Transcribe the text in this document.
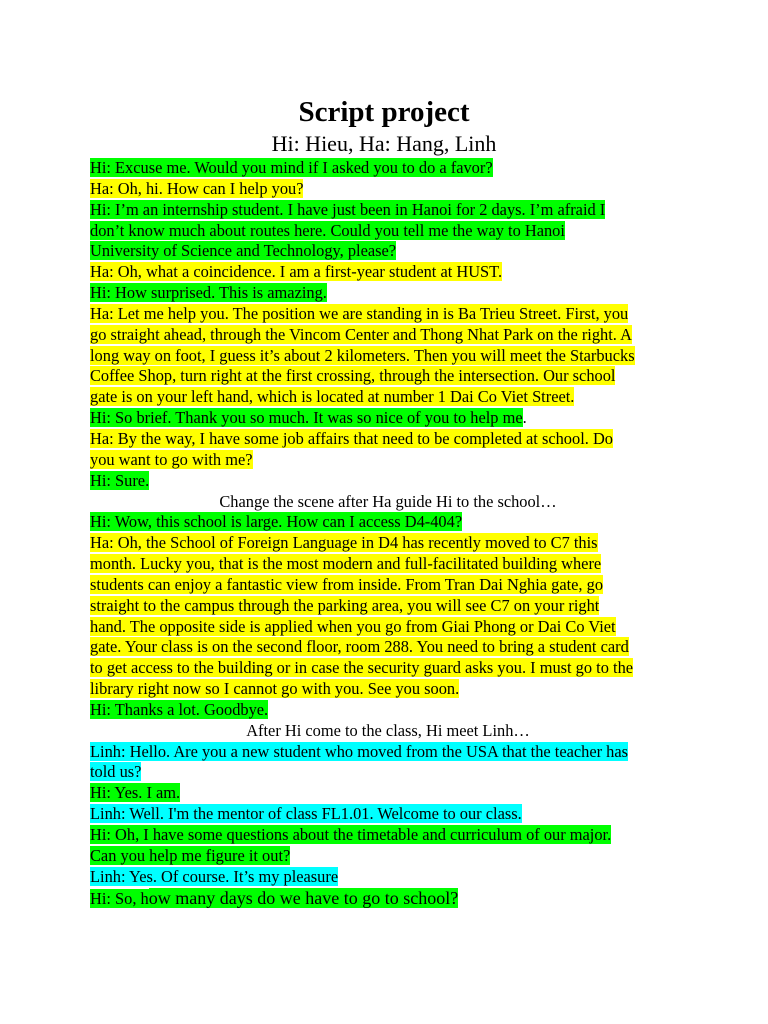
Script project
Hi: Hieu, Ha: Hang, Linh
Hi: Excuse me. Would you mind if I asked you to do a favor?
Ha: Oh, hi. How can I help you?
Hi: I’m an internship student. I have just been in Hanoi for 2 days. I’m afraid I
don’t know much about routes here. Could you tell me the way to Hanoi
University of Science and Technology, please?
Ha: Oh, what a coincidence. I am a first-year student at HUST.
Hi: How surprised. This is amazing.
Ha: Let me help you. The position we are standing in is Ba Trieu Street. First, you
go straight ahead, through the Vincom Center and Thong Nhat Park on the right. A
long way on foot, I guess it’s about 2 kilometers. Then you will meet the Starbucks
Coffee Shop, turn right at the first crossing, through the intersection. Our school
gate is on your left hand, which is located at number 1 Dai Co Viet Street.
Hi: So brief. Thank you so much. It was so nice of you to help me.
Ha: By the way, I have some job affairs that need to be completed at school. Do
you want to go with me?
Hi: Sure.
Change the scene after Ha guide Hi to the school…
Hi: Wow, this school is large. How can I access D4-404?
Ha: Oh, the School of Foreign Language in D4 has recently moved to C7 this
month. Lucky you, that is the most modern and full-facilitated building where
students can enjoy a fantastic view from inside. From Tran Dai Nghia gate, go
straight to the campus through the parking area, you will see C7 on your right
hand. The opposite side is applied when you go from Giai Phong or Dai Co Viet
gate. Your class is on the second floor, room 288. You need to bring a student card
to get access to the building or in case the security guard asks you. I must go to the
library right now so I cannot go with you. See you soon.
Hi: Thanks a lot. Goodbye.
After Hi come to the class, Hi meet Linh…
Linh: Hello. Are you a new student who moved from the USA that the teacher has
told us?
Hi: Yes. I am.
Linh: Well. I'm the mentor of class FL1.01. Welcome to our class.
Hi: Oh, I have some questions about the timetable and curriculum of our major.
Can you help me figure it out?
Linh: Yes. Of course. It’s my pleasure
Hi: So, how many days do we have to go to school?
